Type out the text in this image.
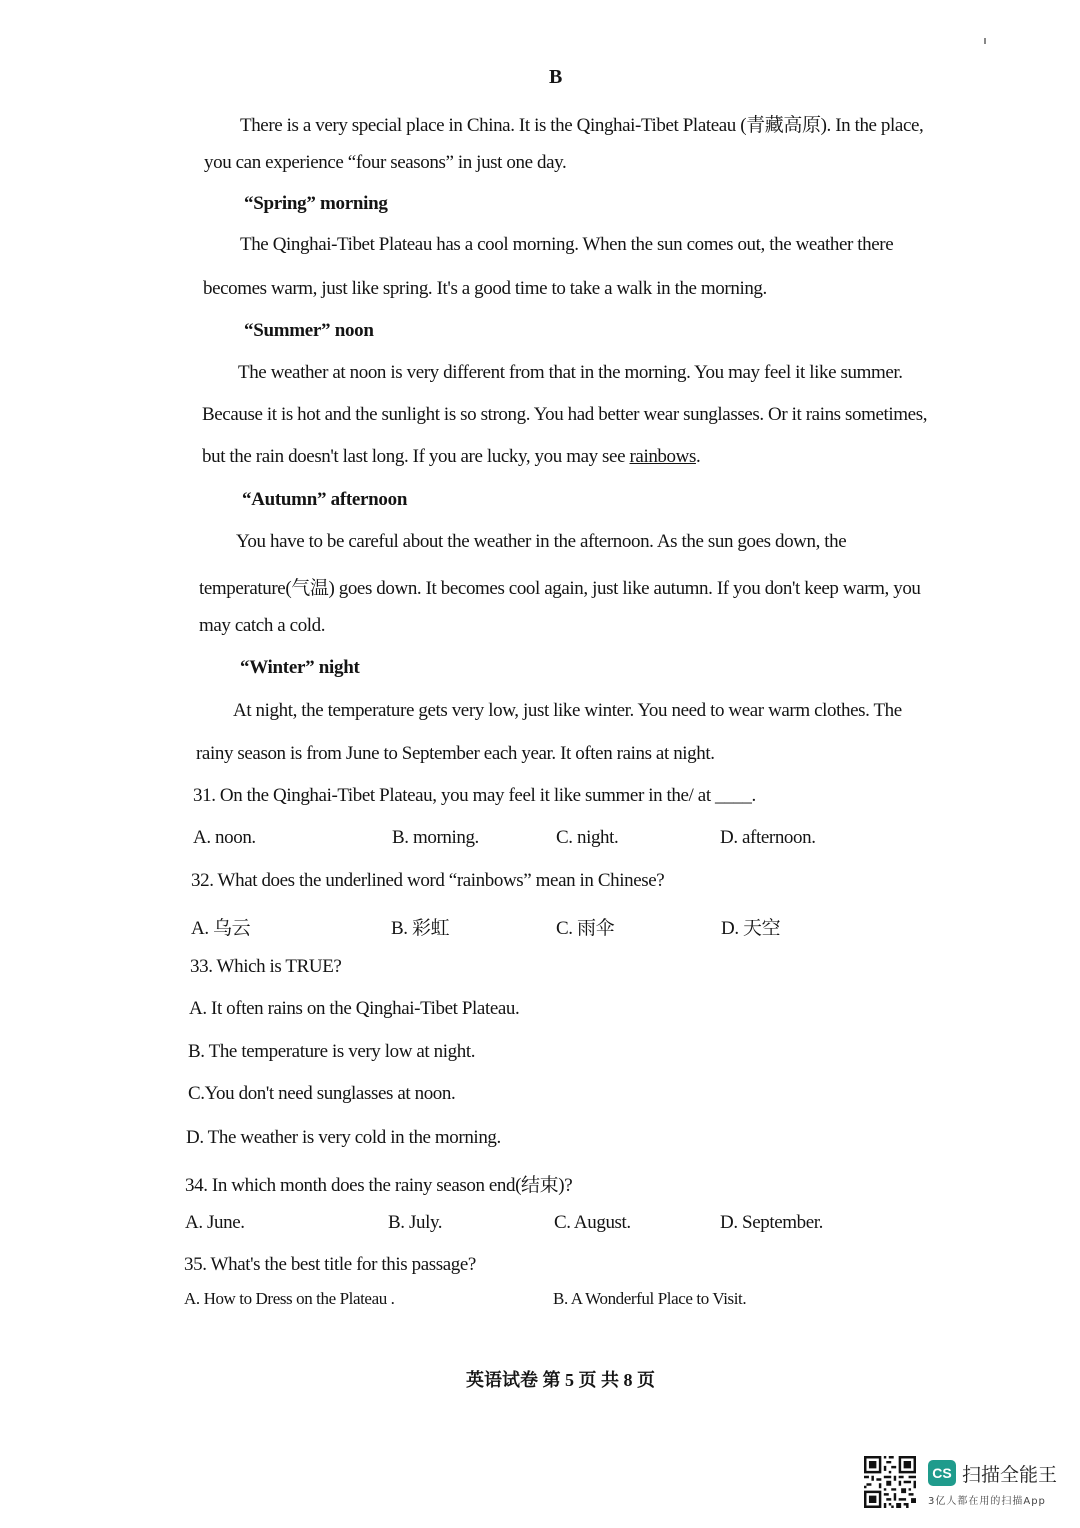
B
There is a very special place in China. It is the Qinghai-Tibet Plateau (青藏高原). In the place,
you can experience “four seasons” in just one day.
“Spring” morning
The Qinghai-Tibet Plateau has a cool morning. When the sun comes out, the weather there
becomes warm, just like spring. It's a good time to take a walk in the morning.
“Summer” noon
The weather at noon is very different from that in the morning. You may feel it like summer.
Because it is hot and the sunlight is so strong. You had better wear sunglasses. Or it rains sometimes,
but the rain doesn't last long. If you are lucky, you may see rainbows.
“Autumn” afternoon
You have to be careful about the weather in the afternoon. As the sun goes down, the
temperature(气温) goes down. It becomes cool again, just like autumn. If you don't keep warm, you
may catch a cold.
“Winter” night
At night, the temperature gets very low, just like winter. You need to wear warm clothes. The
rainy season is from June to September each year. It often rains at night.
31. On the Qinghai-Tibet Plateau, you may feel it like summer in the/ at ____.
A. noon.	B. morning.	C. night.	D. afternoon.
32. What does the underlined word “rainbows” mean in Chinese?
A. 乌云	B. 彩虹	C. 雨伞	D. 天空
33. Which is TRUE?
A. It often rains on the Qinghai-Tibet Plateau.
B. The temperature is very low at night.
C.You don't need sunglasses at noon.
D. The weather is very cold in the morning.
34. In which month does the rainy season end(结束)?
A. June.	B. July.	C. August.	D. September.
35. What's the best title for this passage?
A. How to Dress on the Plateau .	B. A Wonderful Place to Visit.
英语试卷 第 5 页 共 8 页
CS 扫描全能王
3亿人都在用的扫描App
